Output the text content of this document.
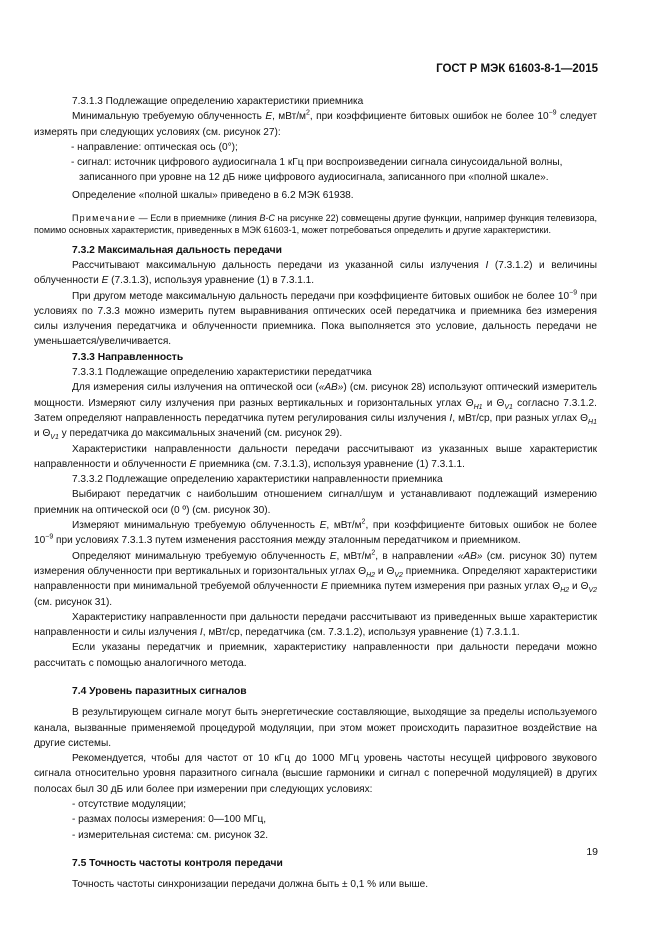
ГОСТ Р МЭК 61603-8-1—2015

7.3.1.3 Подлежащие определению характеристики приемника

Минимальную требуемую облученность E, мВт/$м^2$, при коэффициенте битовых ошибок не более $10^{-9}$ следует измерять при следующих условиях (см. рисунок 27):

- направление: оптическая ось (0°);

- сигнал: источник цифрового аудиосигнала 1 кГц при воспроизведении сигнала синусоидальной волны, записанного при уровне на 12 дБ ниже цифрового аудиосигнала, записанного при «полной шкале».

Определение «полной шкалы» приведено в 6.2 МЭК 61938.

Примечание — Если в приемнике (линия B-C на рисунке 22) совмещены другие функции, например функция телевизора, помимо основных характеристик, приведенных в МЭК 61603-1, может потребоваться определить и другие характеристики.

7.3.2 Максимальная дальность передачи

Рассчитывают максимальную дальность передачи из указанной силы излучения I (7.3.1.2) и величины облученности E (7.3.1.3), используя уравнение (1) в 7.3.1.1.

При другом методе максимальную дальность передачи при коэффициенте битовых ошибок не более $10^{-9}$ при условиях по 7.3.3 можно измерить путем выравнивания оптических осей передатчика и приемника без измерения силы излучения передатчика и облученности приемника. Пока выполняется это условие, дальность передачи не уменьшается/увеличивается.

7.3.3 Направленность

7.3.3.1 Подлежащие определению характеристики передатчика

Для измерения силы излучения на оптической оси («AB») (см. рисунок 28) используют оптический измеритель мощности. Измеряют силу излучения при разных вертикальных и горизонтальных углах $\Theta_{H1}$ и $\Theta_{V1}$ согласно 7.3.1.2. Затем определяют направленность передатчика путем регулирования силы излучения I, мВт/ср, при разных углах $\Theta_{H1}$ и $\Theta_{V1}$ у передатчика до максимальных значений (см. рисунок 29).

Характеристики направленности дальности передачи рассчитывают из указанных выше характеристик направленности и облученности E приемника (см. 7.3.1.3), используя уравнение (1) 7.3.1.1.

7.3.3.2 Подлежащие определению характеристики направленности приемника

Выбирают передатчик с наибольшим отношением сигнал/шум и устанавливают подлежащий измерению приемник на оптической оси (0 º) (см. рисунок 30).

Измеряют минимальную требуемую облученность E, мВт/$м^2$, при коэффициенте битовых ошибок не более $10^{-9}$ при условиях 7.3.1.3 путем изменения расстояния между эталонным передатчиком и приемником.

Определяют минимальную требуемую облученность E, мВт/$м^2$, в направлении «AB» (см. рисунок 30) путем измерения облученности при вертикальных и горизонтальных углах $\Theta_{H2}$ и $\Theta_{V2}$ приемника. Определяют характеристики направленности при минимальной требуемой облученности E приемника путем измерения при разных углах $\Theta_{H2}$ и $\Theta_{V2}$ (см. рисунок 31).

Характеристику направленности при дальности передачи рассчитывают из приведенных выше характеристик направленности и силы излучения I, мВт/ср, передатчика (см. 7.3.1.2), используя уравнение (1) 7.3.1.1.

Если указаны передатчик и приемник, характеристику направленности при дальности передачи можно рассчитать с помощью аналогичного метода.

7.4 Уровень паразитных сигналов

В результирующем сигнале могут быть энергетические составляющие, выходящие за пределы используемого канала, вызванные применяемой процедурой модуляции, при этом может происходить паразитное воздействие на другие системы.

Рекомендуется, чтобы для частот от 10 кГц до 1000 МГц уровень частоты несущей цифрового звукового сигнала относительно уровня паразитного сигнала (высшие гармоники и сигнал с поперечной модуляцией) в других полосах был 30 дБ или более при измерении при следующих условиях:

- отсутствие модуляции;

- размах полосы измерения: 0—100 МГц,

- измерительная система: см. рисунок 32.

7.5 Точность частоты контроля передачи

Точность частоты синхронизации передачи должна быть ± 0,1 % или выше.

19
